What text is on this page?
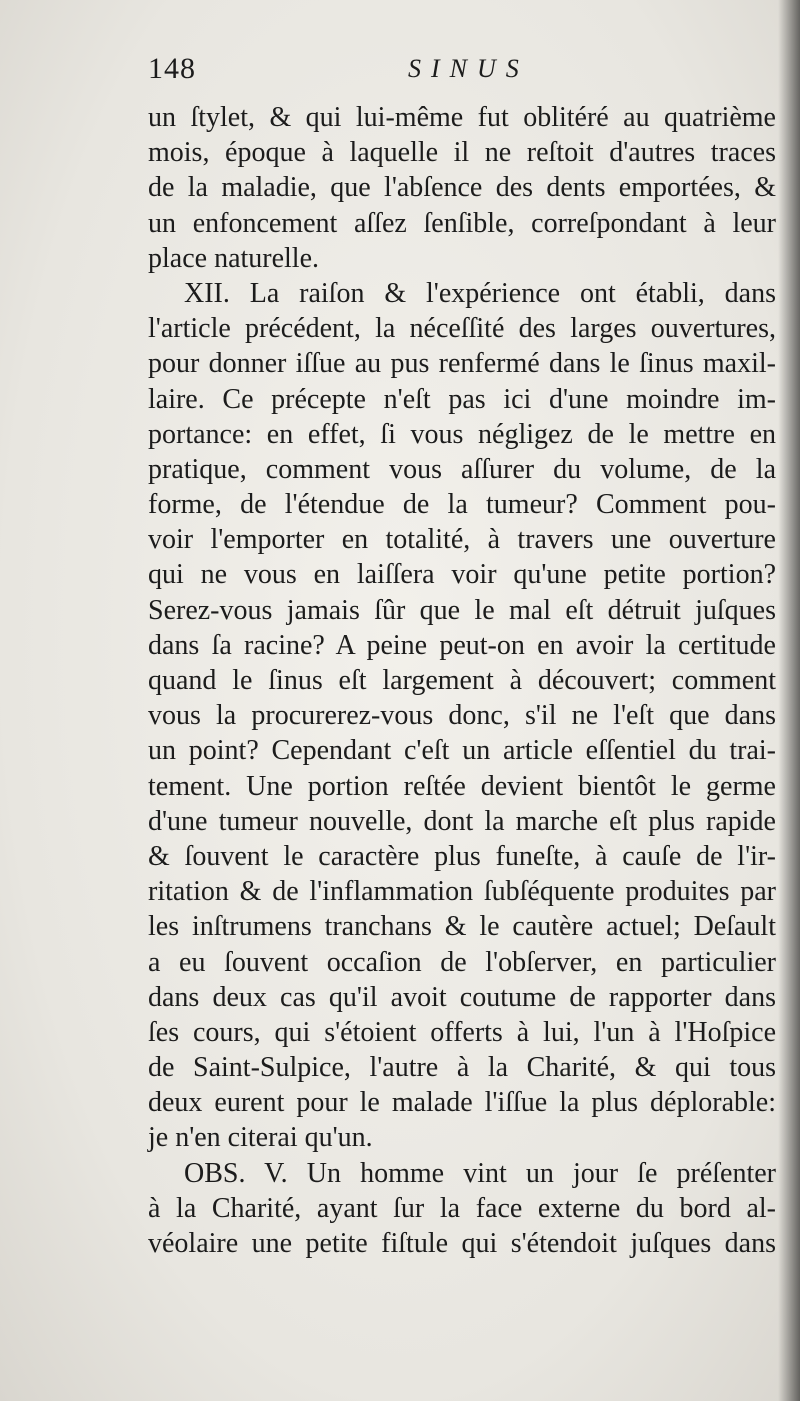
148	SINUS
un ſtylet, & qui lui-même fut oblitéré au quatrième
mois, époque à laquelle il ne reſtoit d'autres traces
de la maladie, que l'abſence des dents emportées, &
un enfoncement aſſez ſenſible, correſpondant à leur
place naturelle.
XII. La raiſon & l'expérience ont établi, dans
l'article précédent, la néceſſité des larges ouvertures,
pour donner iſſue au pus renfermé dans le ſinus maxil-
laire. Ce précepte n'eſt pas ici d'une moindre im-
portance: en effet, ſi vous négligez de le mettre en
pratique, comment vous aſſurer du volume, de la
forme, de l'étendue de la tumeur? Comment pou-
voir l'emporter en totalité, à travers une ouverture
qui ne vous en laiſſera voir qu'une petite portion?
Serez-vous jamais ſûr que le mal eſt détruit juſques
dans ſa racine? A peine peut-on en avoir la certitude
quand le ſinus eſt largement à découvert; comment
vous la procurerez-vous donc, s'il ne l'eſt que dans
un point? Cependant c'eſt un article eſſentiel du trai-
tement. Une portion reſtée devient bientôt le germe
d'une tumeur nouvelle, dont la marche eſt plus rapide
& ſouvent le caractère plus funeſte, à cauſe de l'ir-
ritation & de l'inflammation ſubſéquente produites par
les inſtrumens tranchans & le cautère actuel; Deſault
a eu ſouvent occaſion de l'obſerver, en particulier
dans deux cas qu'il avoit coutume de rapporter dans
ſes cours, qui s'étoient offerts à lui, l'un à l'Hoſpice
de Saint-Sulpice, l'autre à la Charité, & qui tous
deux eurent pour le malade l'iſſue la plus déplorable:
je n'en citerai qu'un.
OBS. V. Un homme vint un jour ſe préſenter
à la Charité, ayant ſur la face externe du bord al-
véolaire une petite fiſtule qui s'étendoit juſques dans
